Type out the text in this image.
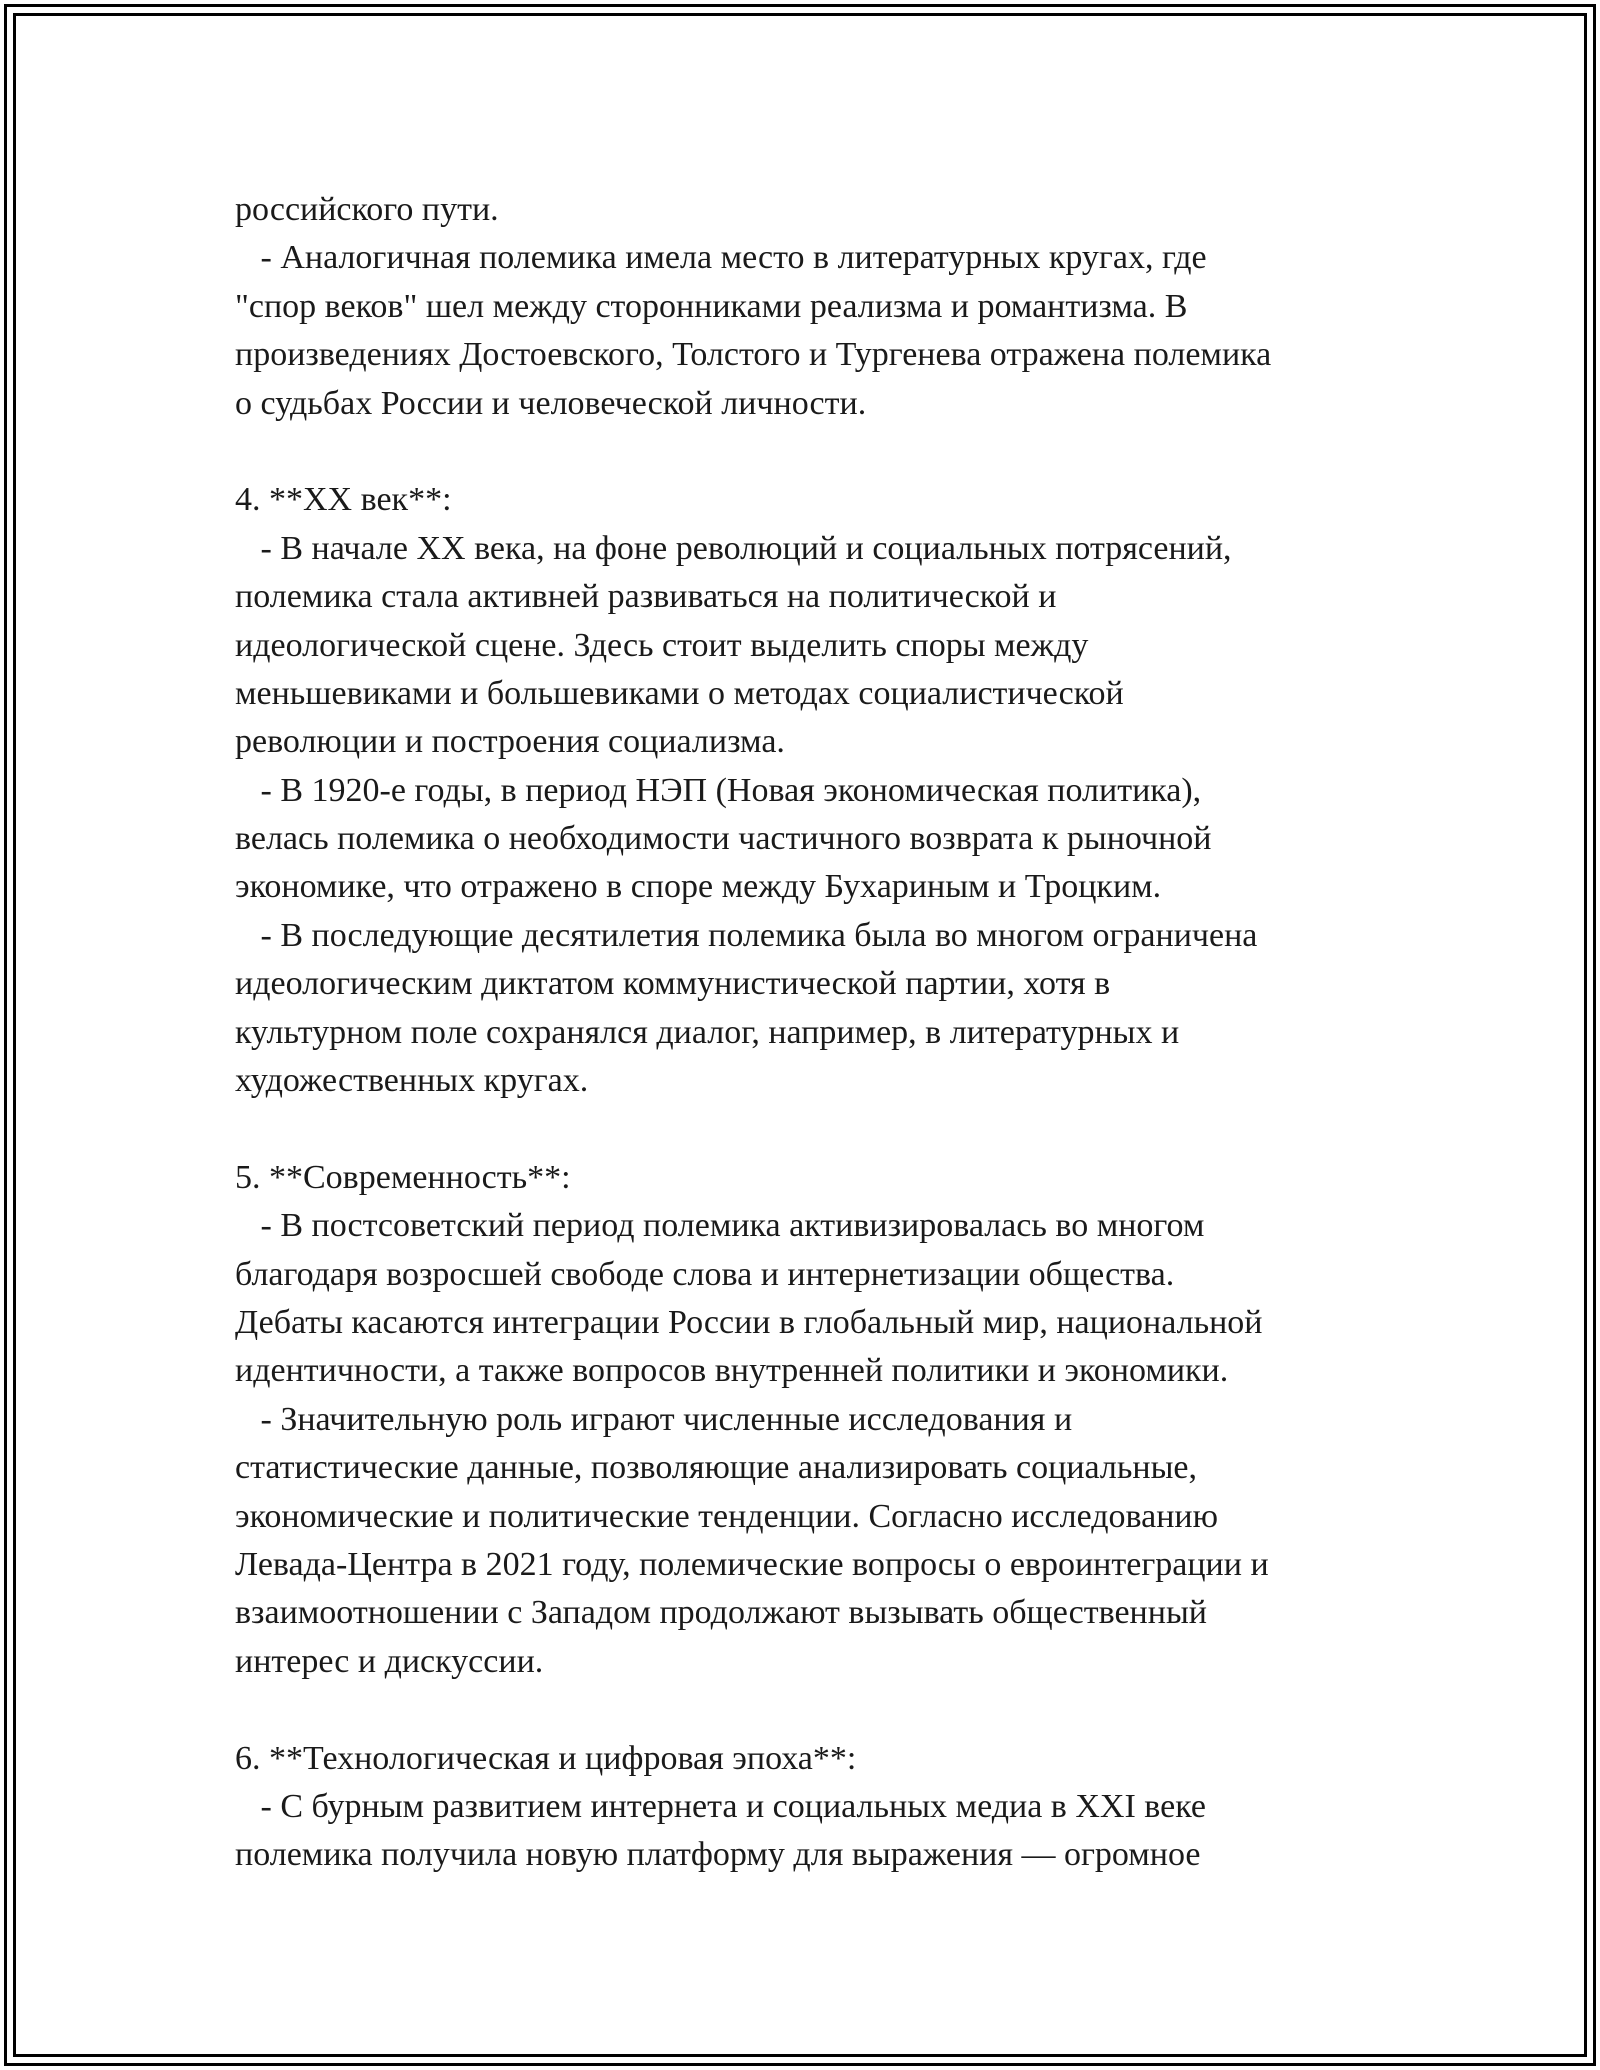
российского пути.
- Аналогичная полемика имела место в литературных кругах, где
"спор веков" шел между сторонниками реализма и романтизма. В
произведениях Достоевского, Толстого и Тургенева отражена полемика
о судьбах России и человеческой личности.
4. **XX век**:
- В начале XX века, на фоне революций и социальных потрясений,
полемика стала активней развиваться на политической и
идеологической сцене. Здесь стоит выделить споры между
меньшевиками и большевиками о методах социалистической
революции и построения социализма.
- В 1920-е годы, в период НЭП (Новая экономическая политика),
велась полемика о необходимости частичного возврата к рыночной
экономике, что отражено в споре между Бухариным и Троцким.
- В последующие десятилетия полемика была во многом ограничена
идеологическим диктатом коммунистической партии, хотя в
культурном поле сохранялся диалог, например, в литературных и
художественных кругах.
5. **Современность**:
- В постсоветский период полемика активизировалась во многом
благодаря возросшей свободе слова и интернетизации общества.
Дебаты касаются интеграции России в глобальный мир, национальной
идентичности, а также вопросов внутренней политики и экономики.
- Значительную роль играют численные исследования и
статистические данные, позволяющие анализировать социальные,
экономические и политические тенденции. Согласно исследованию
Левада-Центра в 2021 году, полемические вопросы о евроинтеграции и
взаимоотношении с Западом продолжают вызывать общественный
интерес и дискуссии.
6. **Технологическая и цифровая эпоха**:
- С бурным развитием интернета и социальных медиа в XXI веке
полемика получила новую платформу для выражения — огромное
